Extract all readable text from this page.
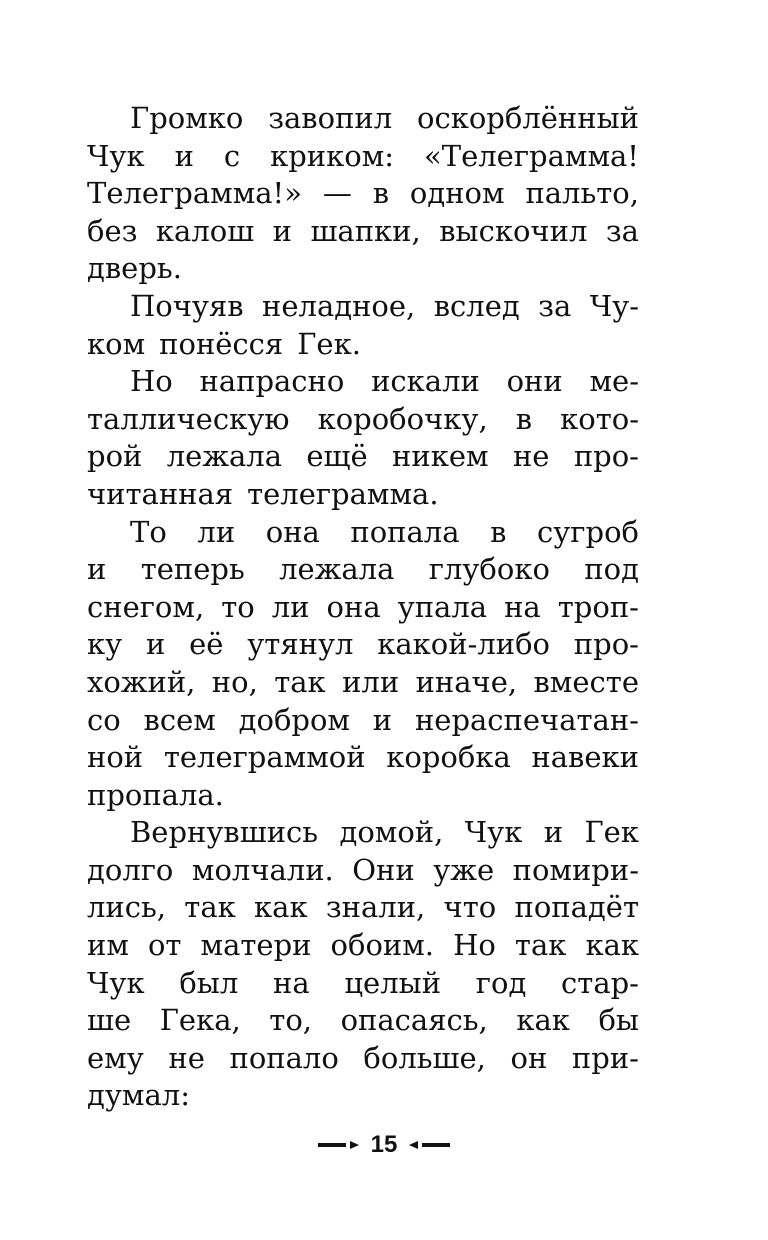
Громко завопил оскорблённый
Чук и с криком: «Телеграмма!
Телеграмма!» — в одном пальто,
без калош и шапки, выскочил за
дверь.
Почуяв неладное, вслед за Чу-
ком понёсся Гек.
Но напрасно искали они ме-
таллическую коробочку, в кото-
рой лежала ещё никем не про-
читанная телеграмма.
То ли она попала в сугроб
и теперь лежала глубоко под
снегом, то ли она упала на троп-
ку и её утянул какой-либо про-
хожий, но, так или иначе, вместе
со всем добром и нераспечатан-
ной телеграммой коробка навеки
пропала.
Вернувшись домой, Чук и Гек
долго молчали. Они уже помири-
лись, так как знали, что попадёт
им от матери обоим. Но так как
Чук был на целый год стар-
ше Гека, то, опасаясь, как бы
ему не попало больше, он при-
думал:
15
